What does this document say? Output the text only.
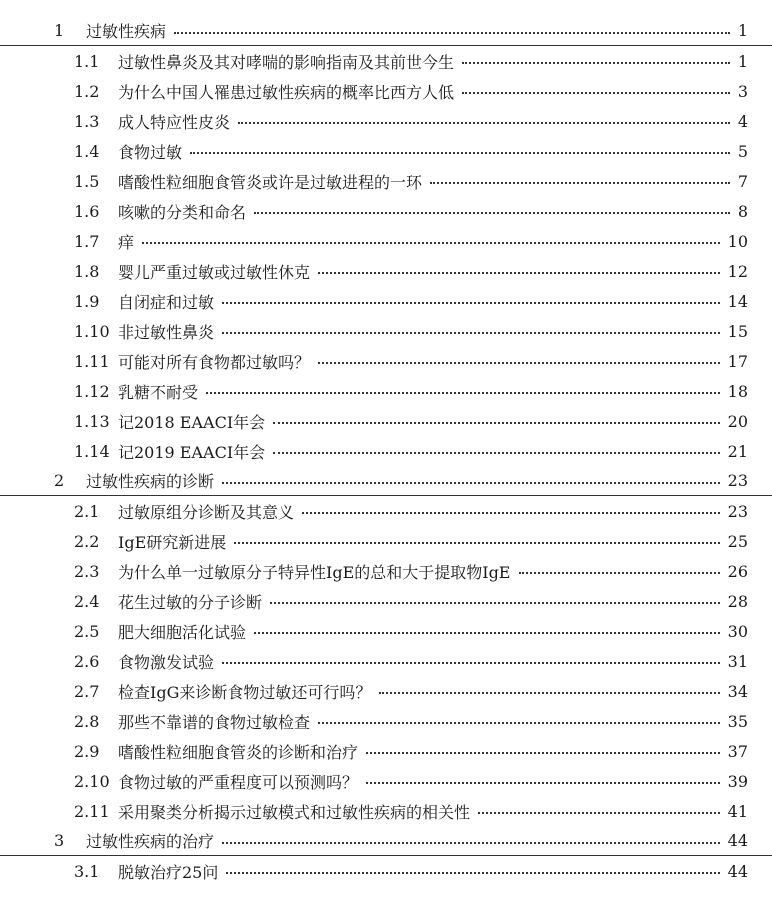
1	过敏性疾病	1
1.1	过敏性鼻炎及其对哮喘的影响指南及其前世今生	1
1.2	为什么中国人罹患过敏性疾病的概率比西方人低	3
1.3	成人特应性皮炎	4
1.4	食物过敏	5
1.5	嗜酸性粒细胞食管炎或许是过敏进程的一环	7
1.6	咳嗽的分类和命名	8
1.7	痒	10
1.8	婴儿严重过敏或过敏性休克	12
1.9	自闭症和过敏	14
1.10 非过敏性鼻炎	15
1.11 可能对所有食物都过敏吗？	17
1.12 乳糖不耐受	18
1.13 记2018 EAACI年会	20
1.14 记2019 EAACI年会	21
2	过敏性疾病的诊断	23
2.1	过敏原组分诊断及其意义	23
2.2	IgE研究新进展	25
2.3	为什么单一过敏原分子特异性IgE的总和大于提取物IgE	26
2.4	花生过敏的分子诊断	28
2.5	肥大细胞活化试验	30
2.6	食物激发试验	31
2.7	检查IgG来诊断食物过敏还可行吗？	34
2.8	那些不靠谱的食物过敏检查	35
2.9	嗜酸性粒细胞食管炎的诊断和治疗	37
2.10 食物过敏的严重程度可以预测吗？	39
2.11 采用聚类分析揭示过敏模式和过敏性疾病的相关性	41
3	过敏性疾病的治疗	44
3.1	脱敏治疗25问	44
